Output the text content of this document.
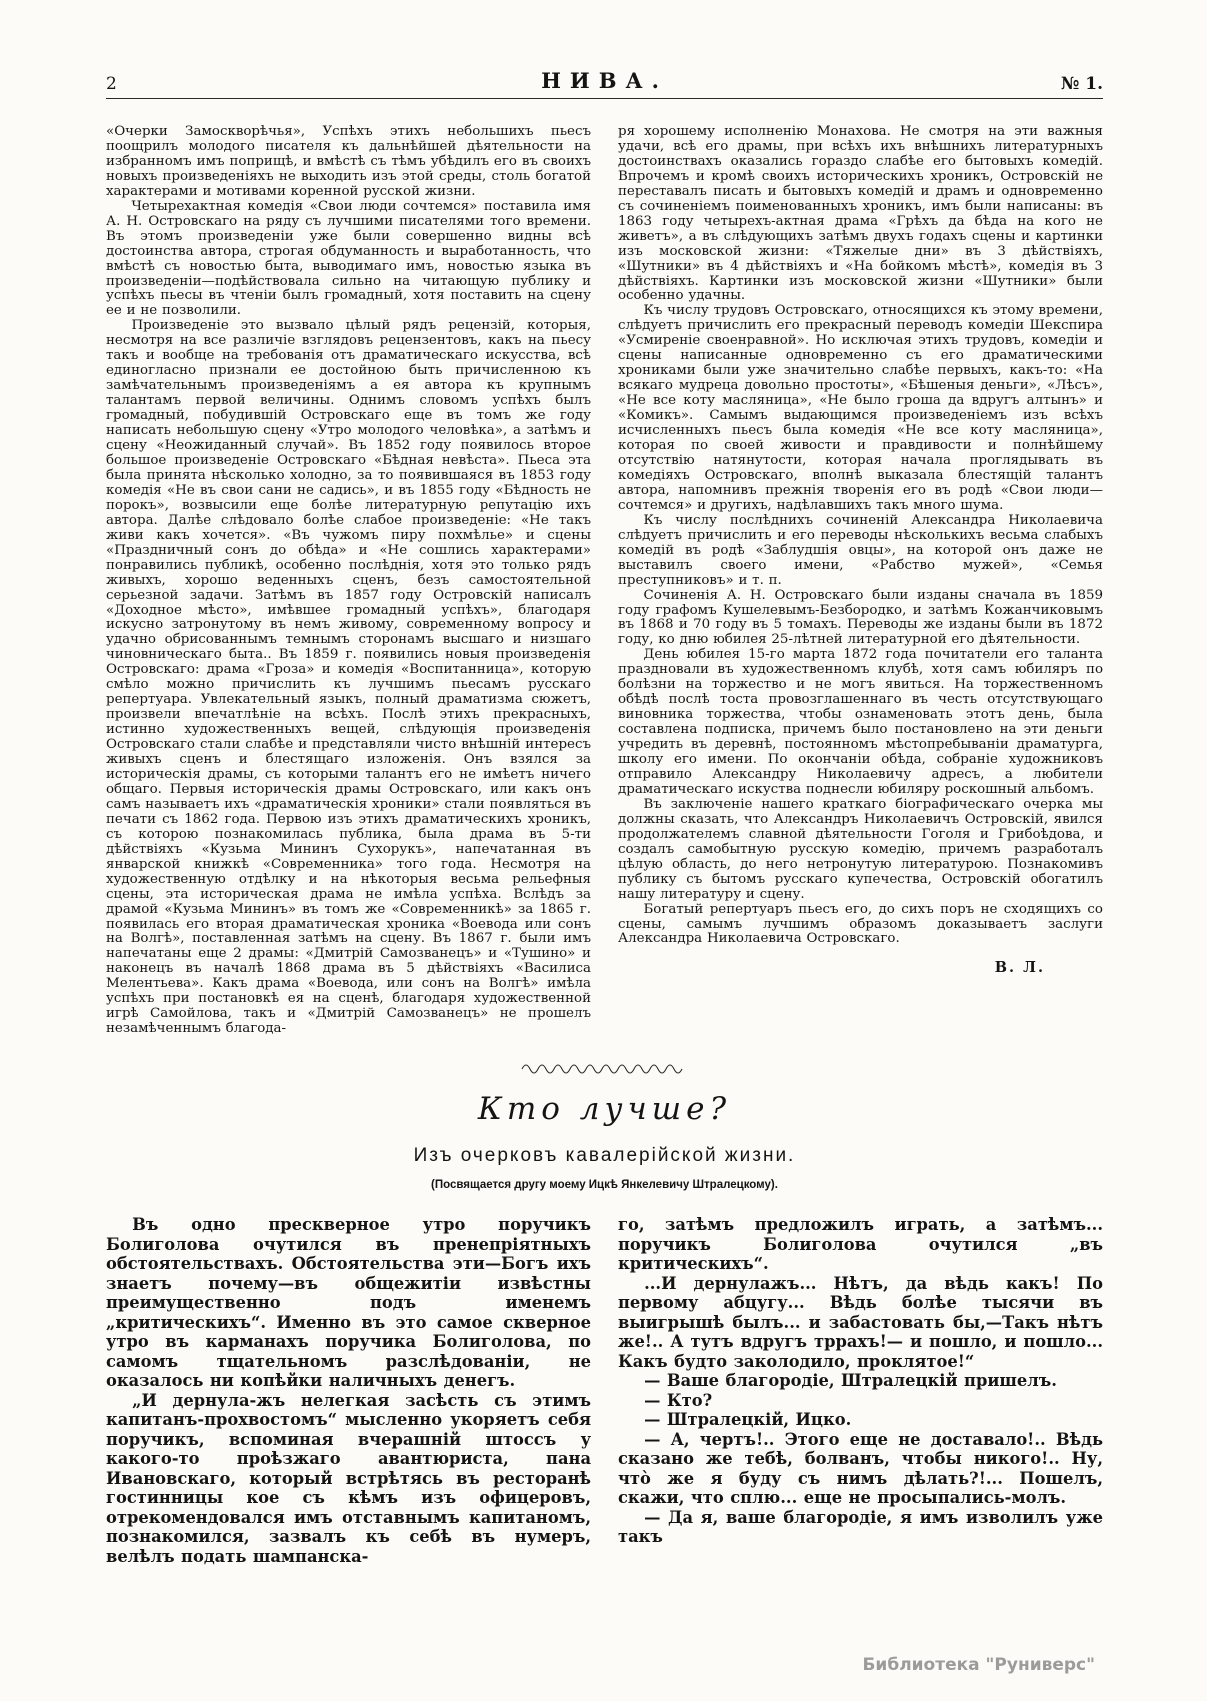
2	НИВА.	№ 1.

«Очерки Замоскворѣчья», Успѣхъ этихъ небольшихъ пьесъ поощрилъ молодого писателя къ дальнѣйшей дѣятельности на избранномъ имъ поприщѣ, и вмѣстѣ съ тѣмъ убѣдилъ его въ своихъ новыхъ произведеніяхъ не выходить изъ этой среды, столь богатой характерами и мотивами коренной русской жизни.

Четырехактная комедія «Свои люди сочтемся» поставила имя А. Н. Островскаго на ряду съ лучшими писателями того времени. Въ этомъ произведеніи уже были совершенно видны всѣ достоинства автора, строгая обдуманность и выработанность, что вмѣстѣ съ новостью быта, выводимаго имъ, новостью языка въ произведеніи—подѣйствовала сильно на читающую публику и успѣхъ пьесы въ чтеніи былъ громадный, хотя поставить на сцену ее и не позволили.

Произведеніе это вызвало цѣлый рядъ рецензій, которыя, несмотря на все различіе взглядовъ рецензентовъ, какъ на пьесу такъ и вообще на требованія отъ драматическаго искусства, всѣ единогласно признали ее достойною быть причисленною къ замѣчательнымъ произведеніямъ а ея автора къ крупнымъ талантамъ первой величины. Однимъ словомъ успѣхъ былъ громадный, побудившій Островскаго еще въ томъ же году написать небольшую сцену «Утро молодого человѣка», а затѣмъ и сцену «Неожиданный случай». Въ 1852 году появилось второе большое произведеніе Островскаго «Бѣдная невѣста». Пьеса эта была принята нѣсколько холодно, за то появившаяся въ 1853 году комедія «Не въ свои сани не садись», и въ 1855 году «Бѣдность не порокъ», возвысили еще болѣе литературную репутацію ихъ автора. Далѣе слѣдовало болѣе слабое произведеніе: «Не такъ живи какъ хочется». «Въ чужомъ пиру похмѣлье» и сцены «Праздничный сонъ до обѣда» и «Не сошлись характерами» понравились публикѣ, особенно послѣднія, хотя это только рядъ живыхъ, хорошо веденныхъ сценъ, безъ самостоятельной серьезной задачи. Затѣмъ въ 1857 году Островскій написалъ «Доходное мѣсто», имѣвшее громадный успѣхъ», благодаря искусно затронутому въ немъ живому, современному вопросу и удачно обрисованнымъ темнымъ сторонамъ высшаго и низшаго чиновническаго быта.. Въ 1859 г. появились новыя произведенія Островскаго: драма «Гроза» и комедія «Воспитанница», которую смѣло можно причислить къ лучшимъ пьесамъ русскаго репертуара. Увлекательный языкъ, полный драматизма сюжетъ, произвели впечатлѣніе на всѣхъ. Послѣ этихъ прекрасныхъ, истинно художественныхъ вещей, слѣдующія произведенія Островскаго стали слабѣе и представляли чисто внѣшній интересъ живыхъ сценъ и блестящаго изложенія. Онъ взялся за историческія драмы, съ которыми талантъ его не имѣетъ ничего общаго. Первыя историческія драмы Островскаго, или какъ онъ самъ называетъ ихъ «драматическія хроники» стали появляться въ печати съ 1862 года. Первою изъ этихъ драматическихъ хроникъ, съ которою познакомилась публика, была драма въ 5-ти дѣйствіяхъ «Кузьма Мининъ Сухорукъ», напечатанная въ январской книжкѣ «Современника» того года. Несмотря на художественную отдѣлку и на нѣкоторыя весьма рельефныя сцены, эта историческая драма не имѣла успѣха. Вслѣдъ за драмой «Кузьма Мининъ» въ томъ же «Современникѣ» за 1865 г. появилась его вторая драматическая хроника «Воевода или сонъ на Волгѣ», поставленная затѣмъ на сцену. Въ 1867 г. были имъ напечатаны еще 2 драмы: «Дмитрій Самозванецъ» и «Тушино» и наконецъ въ началѣ 1868 драма въ 5 дѣйствіяхъ «Василиса Мелентьева». Какъ драма «Воевода, или сонъ на Волгѣ» имѣла успѣхъ при постановкѣ ея на сценѣ, благодаря художественной игрѣ Самойлова, такъ и «Дмитрій Самозванецъ» не прошелъ незамѣченнымъ благода-

ря хорошему исполненію Монахова. Не смотря на эти важныя удачи, всѣ его драмы, при всѣхъ ихъ внѣшнихъ литературныхъ достоинствахъ оказались гораздо слабѣе его бытовыхъ комедій. Впрочемъ и кромѣ своихъ историческихъ хроникъ, Островскій не переставалъ писать и бытовыхъ комедій и драмъ и одновременно съ сочиненіемъ поименованныхъ хроникъ, имъ были написаны: въ 1863 году четырехъ-актная драма «Грѣхъ да бѣда на кого не живетъ», а въ слѣдующихъ затѣмъ двухъ годахъ сцены и картинки изъ московской жизни: «Тяжелые дни» въ 3 дѣйствіяхъ, «Шутники» въ 4 дѣйствіяхъ и «На бойкомъ мѣстѣ», комедія въ 3 дѣйствіяхъ. Картинки изъ московской жизни «Шутники» были особенно удачны.

Къ числу трудовъ Островскаго, относящихся къ этому времени, слѣдуетъ причислить его прекрасный переводъ комедіи Шекспира «Усмиреніе своенравной». Но исключая этихъ трудовъ, комедіи и сцены написанные одновременно съ его драматическими хрониками были уже значительно слабѣе первыхъ, какъ-то: «На всякаго мудреца довольно простоты», «Бѣшеныя деньги», «Лѣсъ», «Не все коту масляница», «Не было гроша да вдругъ алтынъ» и «Комикъ». Самымъ выдающимся произведеніемъ изъ всѣхъ исчисленныхъ пьесъ была комедія «Не все коту масляница», которая по своей живости и правдивости и полнѣйшему отсутствію натянутости, которая начала проглядывать въ комедіяхъ Островскаго, вполнѣ выказала блестящій талантъ автора, напомнивъ прежнія творенія его въ родѣ «Свои люди—сочтемся» и другихъ, надѣлавшихъ такъ много шума.

Къ числу послѣднихъ сочиненій Александра Николаевича слѣдуетъ причислить и его переводы нѣсколькихъ весьма слабыхъ комедій въ родѣ «Заблудшія овцы», на которой онъ даже не выставилъ своего имени, «Рабство мужей», «Семья преступниковъ» и т. п.

Сочиненія А. Н. Островскаго были изданы сначала въ 1859 году графомъ Кушелевымъ-Безбородко, и затѣмъ Кожанчиковымъ въ 1868 и 70 году въ 5 томахъ. Переводы же изданы были въ 1872 году, ко дню юбилея 25-лѣтней литературной его дѣятельности.

День юбилея 15-го марта 1872 года почитатели его таланта праздновали въ художественномъ клубѣ, хотя самъ юбиляръ по болѣзни на торжество и не могъ явиться. На торжественномъ обѣдѣ послѣ тоста провозглашеннаго въ честь отсутствующаго виновника торжества, чтобы ознаменовать этотъ день, была составлена подписка, причемъ было постановлено на эти деньги учредить въ деревнѣ, постоянномъ мѣстопребываніи драматурга, школу его имени. По окончаніи обѣда, собраніе художниковъ отправило Александру Николаевичу адресъ, а любители драматическаго искуства поднесли юбиляру роскошный альбомъ.

Въ заключеніе нашего краткаго біографическаго очерка мы должны сказать, что Александръ Николаевичъ Островскій, явился продолжателемъ славной дѣятельности Гоголя и Грибоѣдова, и создалъ самобытную русскую комедію, причемъ разработалъ цѣлую область, до него нетронутую литературою. Познакомивъ публику съ бытомъ русскаго купечества, Островскій обогатилъ нашу литературу и сцену.

Богатый репертуаръ пьесъ его, до сихъ поръ не сходящихъ со сцены, самымъ лучшимъ образомъ доказываетъ заслуги Александра Николаевича Островскаго.

В. Л.
Кто лучше?
Изъ очерковъ кавалерійской жизни.
(Посвящается другу моему Ицкѣ Янкелевичу Штралецкому).

Въ одно прескверное утро поручикъ Болиголова очутился въ пренепріятныхъ обстоятельствахъ. Обстоятельства эти—Богъ ихъ знаетъ почему—въ общежитіи извѣстны преимущественно подъ именемъ „критическихъ“. Именно въ это самое скверное утро въ карманахъ поручика Болиголова, по самомъ тщательномъ разслѣдованіи, не оказалось ни копѣйки наличныхъ денегъ.

„И дернула-жъ нелегкая засѣсть съ этимъ капитанъ-прохвостомъ“ мысленно укоряетъ себя поручикъ, вспоминая вчерашній штоссъ у какого-то проѣзжаго авантюриста, пана Ивановскаго, который встрѣтясь въ ресторанѣ гостинницы кое съ кѣмъ изъ офицеровъ, отрекомендовался имъ отставнымъ капитаномъ, познакомился, зазвалъ къ себѣ въ нумеръ, велѣлъ подать шампанска-

го, затѣмъ предложилъ играть, а затѣмъ... поручикъ Болиголова очутился „въ критическихъ“.

...И дернулажъ... Нѣтъ, да вѣдь какъ! По первому абцугу... Вѣдь болѣе тысячи въ выигрышѣ былъ... и забастовать бы,—Такъ нѣтъ же!.. А тутъ вдругъ тррахъ!— и пошло, и пошло... Какъ будто заколодило, проклятое!“

— Ваше благородіе, Штралецкій пришелъ.

— Кто?

— Штралецкій, Ицко.

— А, чертъ!.. Этого еще не доставало!.. Вѣдь сказано же тебѣ, болванъ, чтобы никого!.. Ну, чтò же я буду съ нимъ дѣлать?!... Пошелъ, скажи, что сплю... еще не просыпались-молъ.

— Да я, ваше благородіе, я имъ изволилъ уже такъ

Библиотека "Руниверс"
